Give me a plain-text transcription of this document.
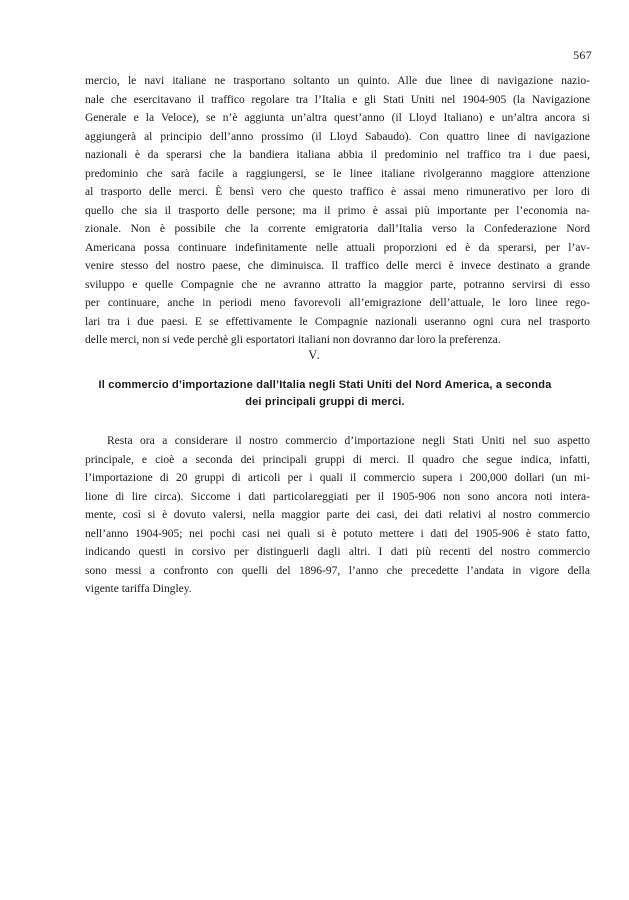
567
mercio, le navi italiane ne trasportano soltanto un quinto. Alle due linee di navigazione nazio-
nale che esercitavano il traffico regolare tra l’Italia e gli Stati Uniti nel 1904-905 (la Navigazione
Generale e la Veloce), se n’è aggiunta un’altra quest’anno (il Lloyd Italiano) e un’altra ancora si
aggiungerà al principio dell’anno prossimo (il Lloyd Sabaudo). Con quattro linee di navigazione
nazionali è da sperarsi che la bandiera italiana abbia il predominio nel traffico tra i due paesi,
predominio che sarà facile a raggiungersi, se le linee italiane rivolgeranno maggiore attenzione
al trasporto delle merci. È bensì vero che questo traffico è assai meno rimunerativo per loro di
quello che sia il trasporto delle persone; ma il primo è assai più importante per l’economia na-
zionale. Non è possibile che la corrente emigratoria dall’Italia verso la Confederazione Nord
Americana possa continuare indefinitamente nelle attuali proporzioni ed è da sperarsi, per l’av-
venire stesso del nostro paese, che diminuisca. Il traffico delle merci è invece destinato a grande
sviluppo e quelle Compagnie che ne avranno attratto la maggior parte, potranno servirsi di esso
per continuare, anche in periodi meno favorevoli all’emigrazione dell’attuale, le loro linee rego-
lari tra i due paesi. E se effettivamente le Compagnie nazionali useranno ogni cura nel trasporto
delle merci, non si vede perchè gli esportatori italiani non dovranno dar loro la preferenza.
V.
Il commercio d’importazione dall’Italia negli Stati Uniti del Nord America, a seconda
dei principali gruppi di merci.
Resta ora a considerare il nostro commercio d’importazione negli Stati Uniti nel suo aspetto
principale, e cioè a seconda dei principali gruppi di merci. Il quadro che segue indica, infatti,
l’importazione di 20 gruppi di articoli per i quali il commercio supera i 200,000 dollari (un mi-
lione di lire circa). Siccome i dati particolareggiati per il 1905-906 non sono ancora noti interа-
mente, così si è dovuto valersi, nella maggior parte dei casi, dei dati relativi al nostro commercio
nell’anno 1904-905; nei pochi casi nei quali si è potuto mettere i dati del 1905-906 è stato fatto,
indicando questi in corsivo per distinguerli dagli altri. I dati più recenti del nostro commercio
sono messi a confronto con quelli del 1896-97, l’anno che precedette l’andata in vigore della
vigente tariffa Dingley.
